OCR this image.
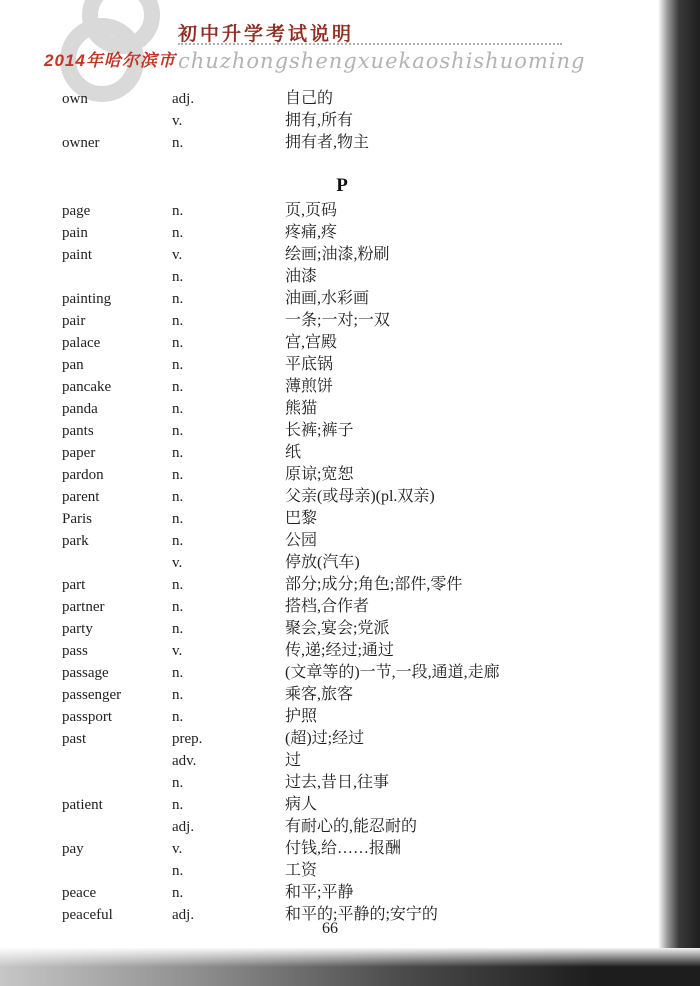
初中升学考试说明
chuzhongshengxuekaoshishuoming
2014年哈尔滨市
own	adj.	自己的
v.	拥有,所有
owner	n.	拥有者,物主
P
page	n.	页,页码
pain	n.	疼痛,疼
paint	v.	绘画;油漆,粉刷
n.	油漆
painting	n.	油画,水彩画
pair	n.	一条;一对;一双
palace	n.	宫,宫殿
pan	n.	平底锅
pancake	n.	薄煎饼
panda	n.	熊猫
pants	n.	长裤;裤子
paper	n.	纸
pardon	n.	原谅;宽恕
parent	n.	父亲(或母亲)(pl.双亲)
Paris	n.	巴黎
park	n.	公园
v.	停放(汽车)
part	n.	部分;成分;角色;部件,零件
partner	n.	搭档,合作者
party	n.	聚会,宴会;党派
pass	v.	传,递;经过;通过
passage	n.	(文章等的)一节,一段,通道,走廊
passenger	n.	乘客,旅客
passport	n.	护照
past	prep.	(超)过;经过
adv.	过
n.	过去,昔日,往事
patient	n.	病人
adj.	有耐心的,能忍耐的
pay	v.	付钱,给……报酬
n.	工资
peace	n.	和平;平静
peaceful	adj.	和平的;平静的;安宁的
66
